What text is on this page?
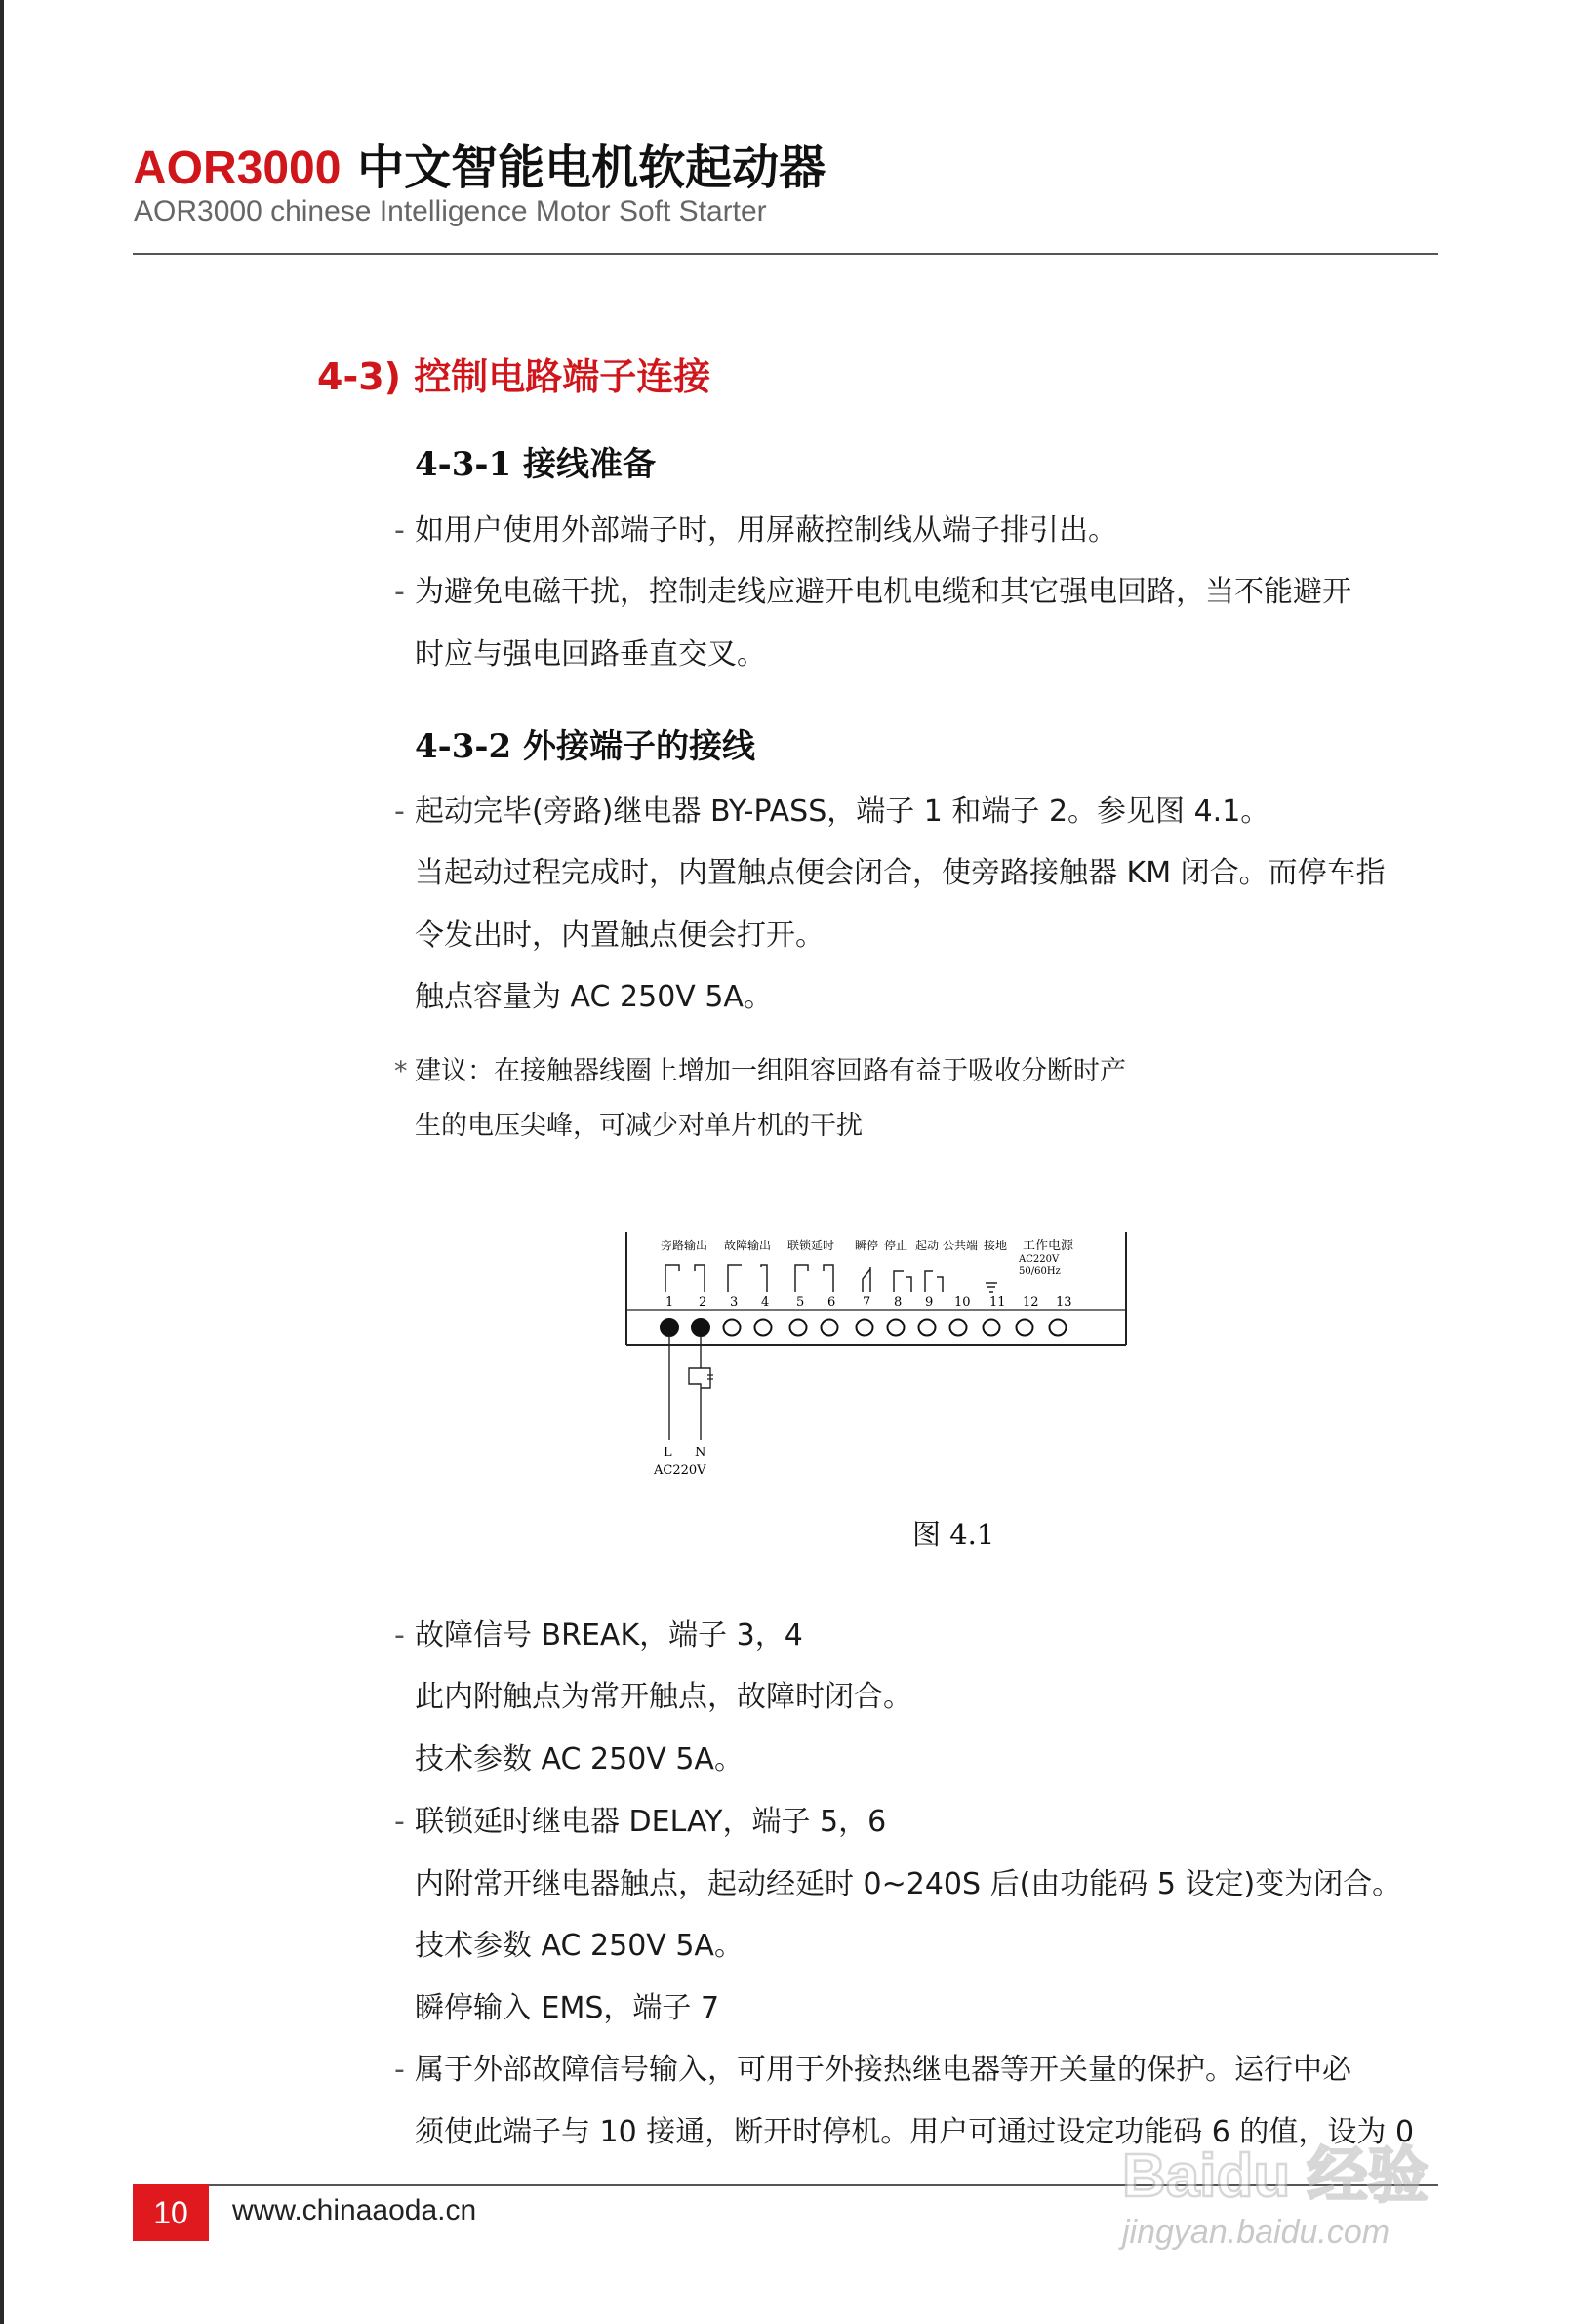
AOR3000 中文智能电机软起动器
AOR3000 chinese Intelligence Motor Soft Starter
4-3) 控制电路端子连接
4-3-1 接线准备
- 如用户使用外部端子时，用屏蔽控制线从端子排引出。
- 为避免电磁干扰，控制走线应避开电机电缆和其它强电回路，当不能避开
时应与强电回路垂直交叉。
4-3-2 外接端子的接线
- 起动完毕(旁路)继电器 BY-PASS，端子 1 和端子 2。参见图 4.1。
当起动过程完成时，内置触点便会闭合，使旁路接触器 KM 闭合。而停车指
令发出时，内置触点便会打开。
触点容量为 AC 250V 5A。
* 建议：在接触器线圈上增加一组阻容回路有益于吸收分断时产
生的电压尖峰，可减少对单片机的干扰
旁路输出 故障输出 联锁延时 瞬停 停止 起动 公共端 接地 工作电源
AC220V
50/60Hz
1 2 3 4 5 6 7 8 9 10 11 12 13
L N
AC220V
图 4.1
- 故障信号 BREAK，端子 3，4
此内附触点为常开触点，故障时闭合。
技术参数 AC 250V 5A。
- 联锁延时继电器 DELAY，端子 5，6
内附常开继电器触点，起动经延时 0~240S 后(由功能码 5 设定)变为闭合。
技术参数 AC 250V 5A。
瞬停输入 EMS，端子 7
- 属于外部故障信号输入，可用于外接热继电器等开关量的保护。运行中必
须使此端子与 10 接通，断开时停机。用户可通过设定功能码 6 的值，设为 0
10	www.chinaaoda.cn
Baidu 经验
jingyan.baidu.com
